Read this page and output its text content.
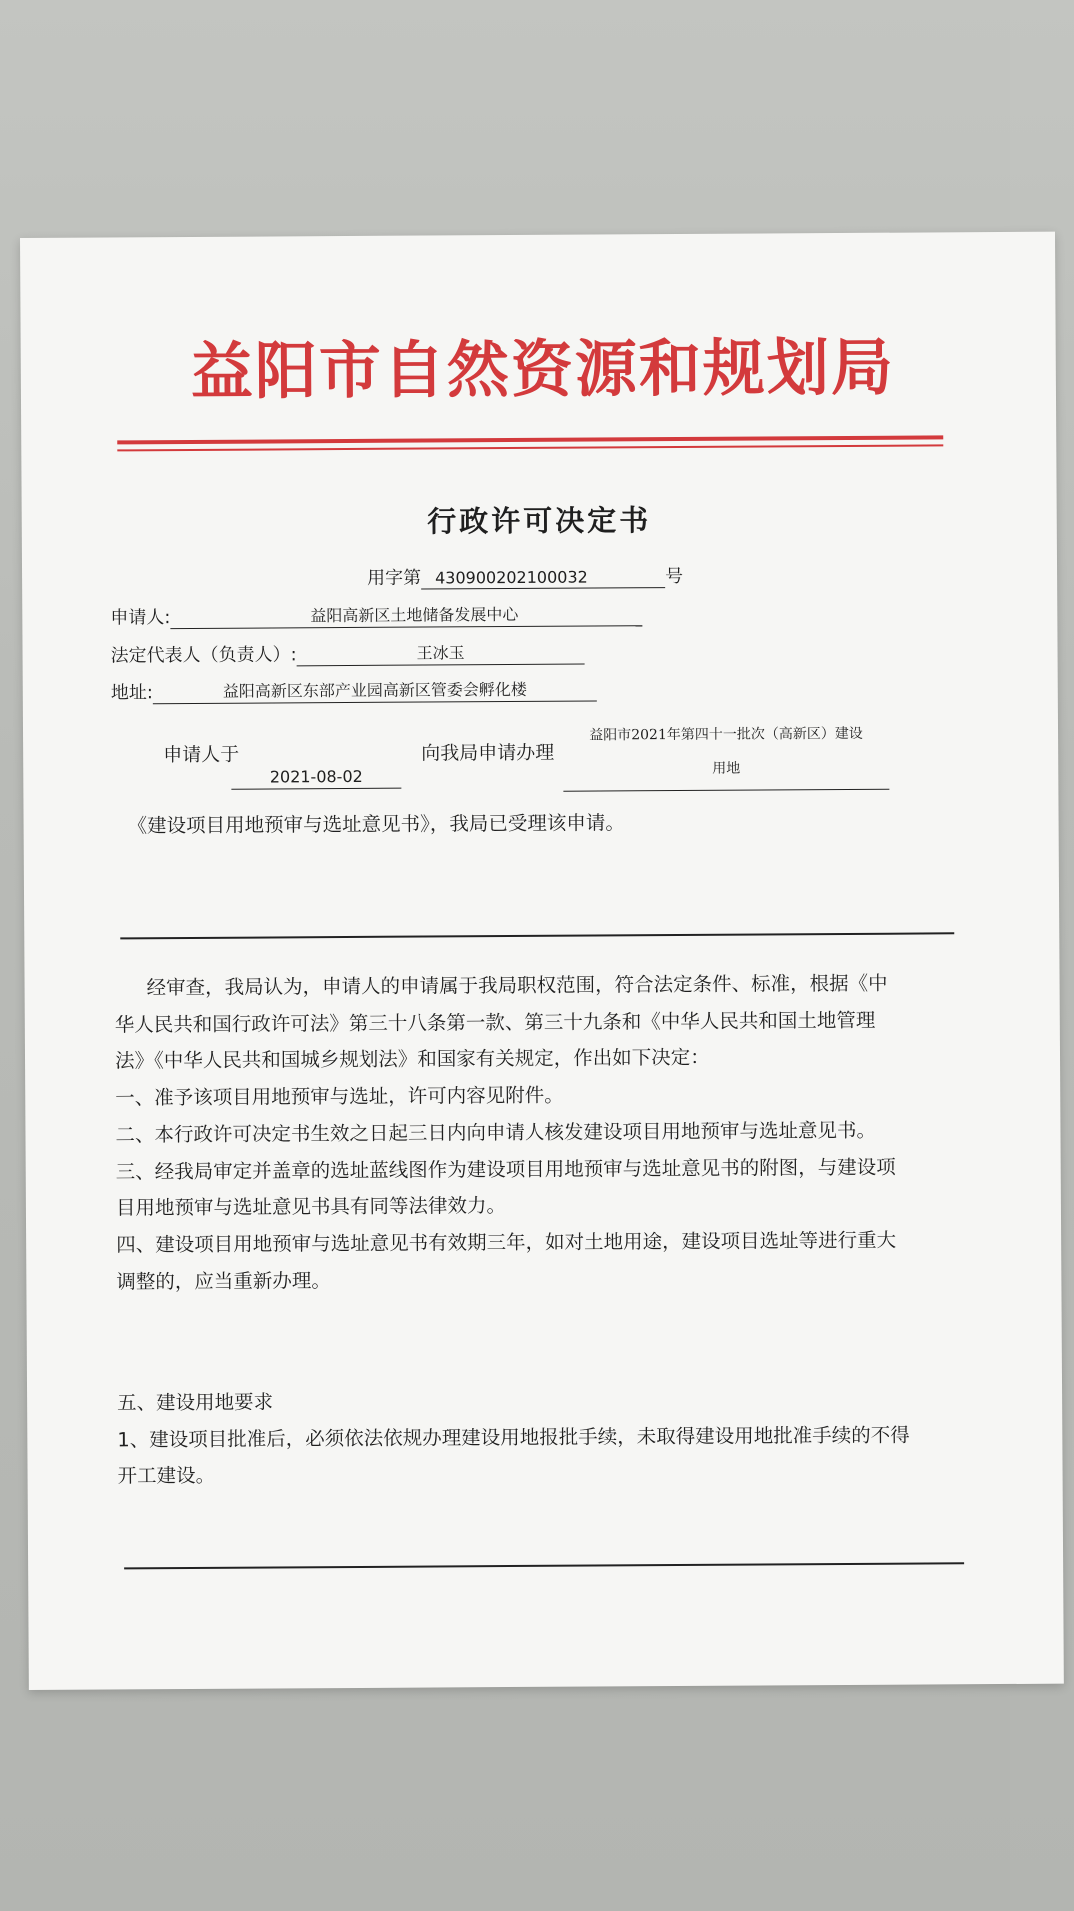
益阳市自然资源和规划局
行政许可决定书
用字第 430900202100032	号
申请人:	益阳高新区土地储备发展中心
法定代表人（负责人）:	王冰玉
地址:	益阳高新区东部产业园高新区管委会孵化楼
申请人于
2021-08-02
向我局申请办理
益阳市2021年第四十一批次（高新区）建设
用地
《建设项目用地预审与选址意见书》，我局已受理该申请。
经审查，我局认为，申请人的申请属于我局职权范围，符合法定条件、标准，根据《中
华人民共和国行政许可法》第三十八条第一款、第三十九条和《中华人民共和国土地管理
法》《中华人民共和国城乡规划法》和国家有关规定，作出如下决定：
一、准予该项目用地预审与选址，许可内容见附件。
二、本行政许可决定书生效之日起三日内向申请人核发建设项目用地预审与选址意见书。
三、经我局审定并盖章的选址蓝线图作为建设项目用地预审与选址意见书的附图，与建设项
目用地预审与选址意见书具有同等法律效力。
四、建设项目用地预审与选址意见书有效期三年，如对土地用途，建设项目选址等进行重大
调整的，应当重新办理。
五、建设用地要求
1、建设项目批准后，必须依法依规办理建设用地报批手续，未取得建设用地批准手续的不得
开工建设。
